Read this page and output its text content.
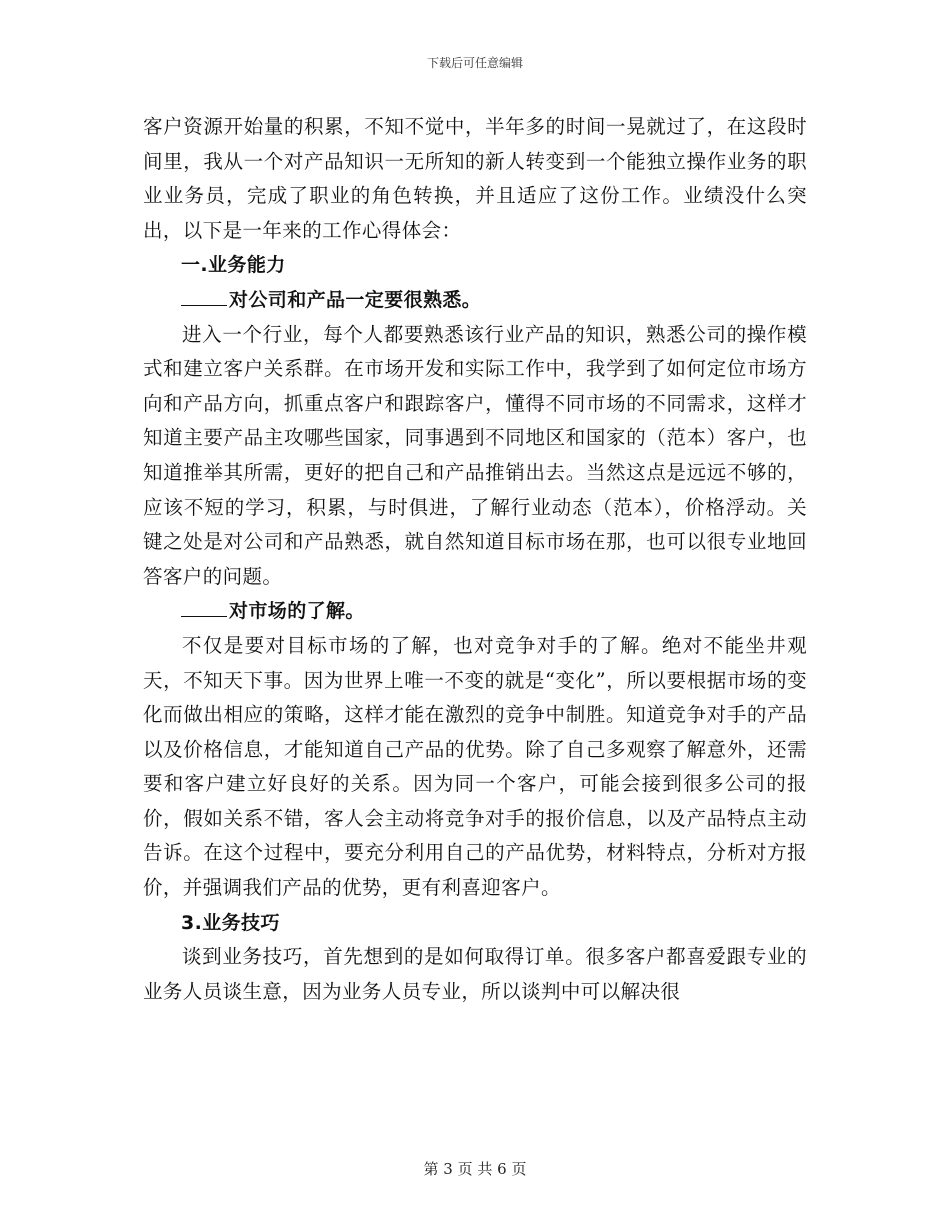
下载后可任意编辑

客户资源开始量的积累，不知不觉中，半年多的时间一晃就过了，在这段时间里，我从一个对产品知识一无所知的新人转变到一个能独立操作业务的职业业务员，完成了职业的角色转换，并且适应了这份工作。业绩没什么突出，以下是一年来的工作心得体会：

一.业务能力

对公司和产品一定要很熟悉。

进入一个行业，每个人都要熟悉该行业产品的知识，熟悉公司的操作模式和建立客户关系群。在市场开发和实际工作中，我学到了如何定位市场方向和产品方向，抓重点客户和跟踪客户，懂得不同市场的不同需求，这样才知道主要产品主攻哪些国家，同事遇到不同地区和国家的（范本）客户，也知道推举其所需，更好的把自己和产品推销出去。当然这点是远远不够的，应该不短的学习，积累，与时俱进，了解行业动态（范本），价格浮动。关键之处是对公司和产品熟悉，就自然知道目标市场在那，也可以很专业地回答客户的问题。

对市场的了解。

不仅是要对目标市场的了解，也对竞争对手的了解。绝对不能坐井观天，不知天下事。因为世界上唯一不变的就是“变化”，所以要根据市场的变化而做出相应的策略，这样才能在激烈的竞争中制胜。知道竞争对手的产品以及价格信息，才能知道自己产品的优势。除了自己多观察了解意外，还需要和客户建立好良好的关系。因为同一个客户，可能会接到很多公司的报价，假如关系不错，客人会主动将竞争对手的报价信息，以及产品特点主动告诉。在这个过程中，要充分利用自己的产品优势，材料特点，分析对方报价，并强调我们产品的优势，更有利喜迎客户。

3.业务技巧

谈到业务技巧，首先想到的是如何取得订单。很多客户都喜爱跟专业的业务人员谈生意，因为业务人员专业，所以谈判中可以解决很

第 3 页 共 6 页
